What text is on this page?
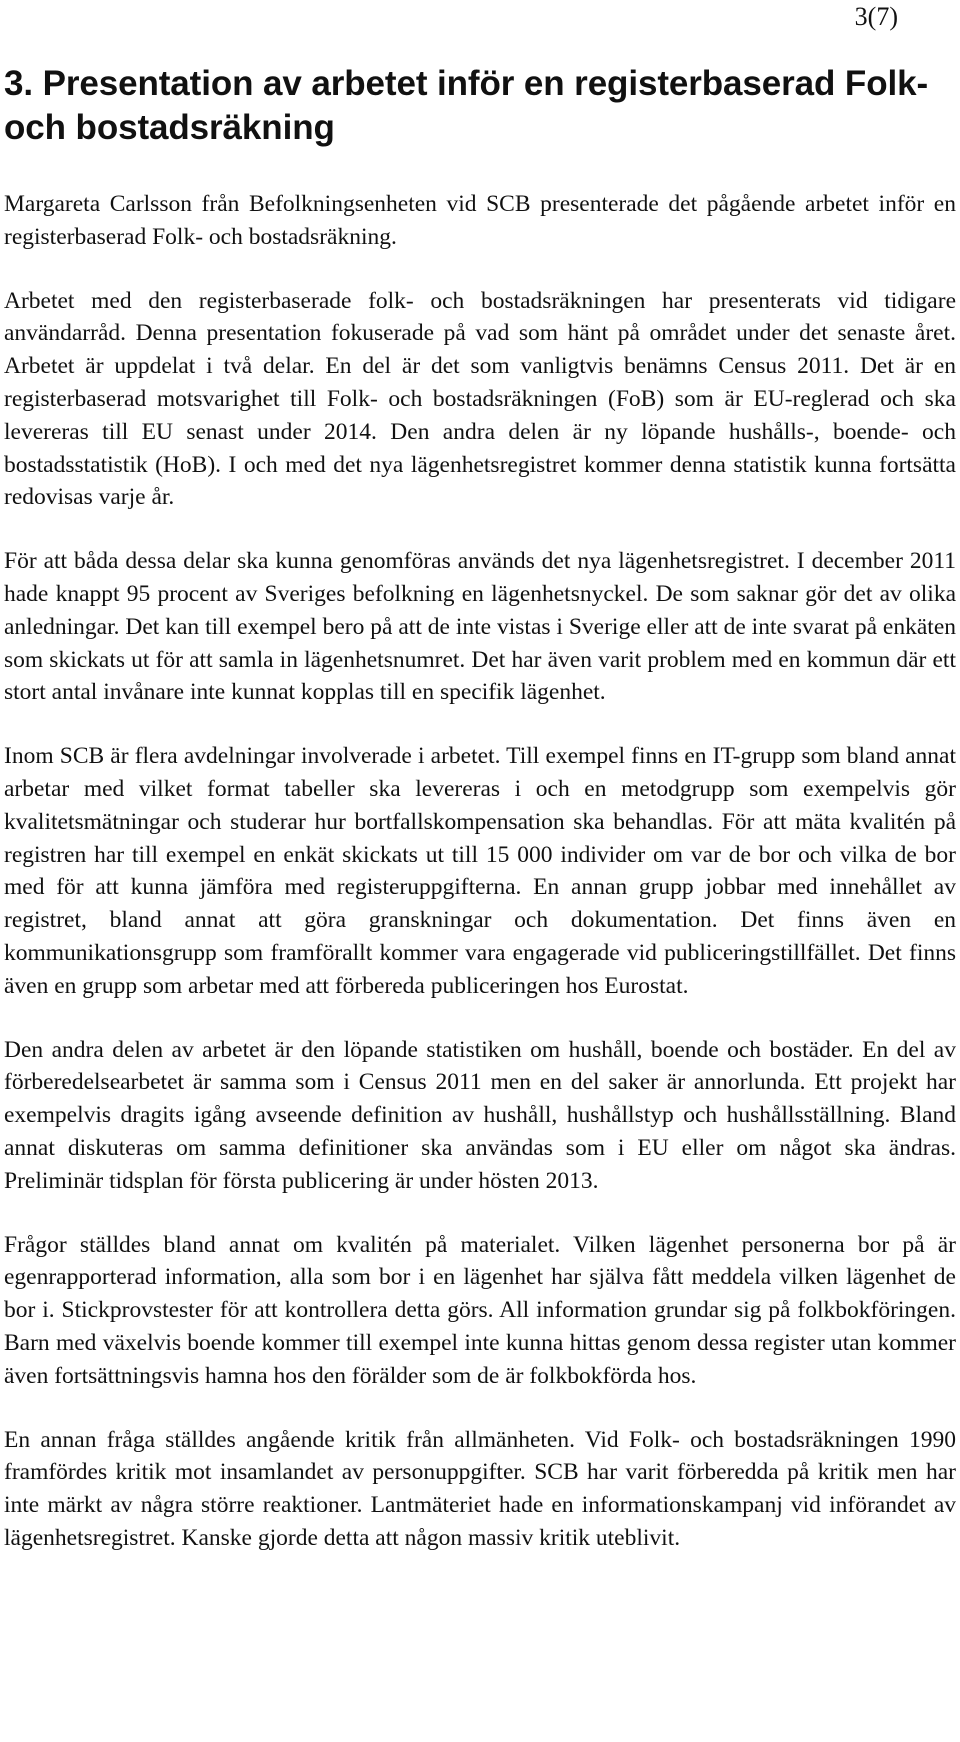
3(7)
3. Presentation av arbetet inför en registerbaserad Folk- och bostadsräkning

Margareta Carlsson från Befolkningsenheten vid SCB presenterade det pågående arbetet inför en registerbaserad Folk- och bostadsräkning.

Arbetet med den registerbaserade folk- och bostadsräkningen har presenterats vid tidigare användarråd. Denna presentation fokuserade på vad som hänt på området under det senaste året. Arbetet är uppdelat i två delar. En del är det som vanligtvis benämns Census 2011. Det är en registerbaserad motsvarighet till Folk- och bostadsräkningen (FoB) som är EU-reglerad och ska levereras till EU senast under 2014. Den andra delen är ny löpande hushålls-, boende- och bostadsstatistik (HoB). I och med det nya lägenhetsregistret kommer denna statistik kunna fortsätta redovisas varje år.

För att båda dessa delar ska kunna genomföras används det nya lägenhetsregistret. I december 2011 hade knappt 95 procent av Sveriges befolkning en lägenhetsnyckel. De som saknar gör det av olika anledningar. Det kan till exempel bero på att de inte vistas i Sverige eller att de inte svarat på enkäten som skickats ut för att samla in lägenhetsnumret. Det har även varit problem med en kommun där ett stort antal invånare inte kunnat kopplas till en specifik lägenhet.

Inom SCB är flera avdelningar involverade i arbetet. Till exempel finns en IT-grupp som bland annat arbetar med vilket format tabeller ska levereras i och en metodgrupp som exempelvis gör kvalitetsmätningar och studerar hur bortfallskompensation ska behandlas. För att mäta kvalitén på registren har till exempel en enkät skickats ut till 15 000 individer om var de bor och vilka de bor med för att kunna jämföra med registeruppgifterna. En annan grupp jobbar med innehållet av registret, bland annat att göra granskningar och dokumentation. Det finns även en kommunikationsgrupp som framförallt kommer vara engagerade vid publiceringstillfället. Det finns även en grupp som arbetar med att förbereda publiceringen hos Eurostat.

Den andra delen av arbetet är den löpande statistiken om hushåll, boende och bostäder. En del av förberedelsearbetet är samma som i Census 2011 men en del saker är annorlunda. Ett projekt har exempelvis dragits igång avseende definition av hushåll, hushållstyp och hushållsställning. Bland annat diskuteras om samma definitioner ska användas som i EU eller om något ska ändras. Preliminär tidsplan för första publicering är under hösten 2013.

Frågor ställdes bland annat om kvalitén på materialet. Vilken lägenhet personerna bor på är egenrapporterad information, alla som bor i en lägenhet har själva fått meddela vilken lägenhet de bor i. Stickprovstester för att kontrollera detta görs. All information grundar sig på folkbokföringen. Barn med växelvis boende kommer till exempel inte kunna hittas genom dessa register utan kommer även fortsättningsvis hamna hos den förälder som de är folkbokförda hos.

En annan fråga ställdes angående kritik från allmänheten. Vid Folk- och bostadsräkningen 1990 framfördes kritik mot insamlandet av personuppgifter. SCB har varit förberedda på kritik men har inte märkt av några större reaktioner. Lantmäteriet hade en informationskampanj vid införandet av lägenhetsregistret. Kanske gjorde detta att någon massiv kritik uteblivit.
